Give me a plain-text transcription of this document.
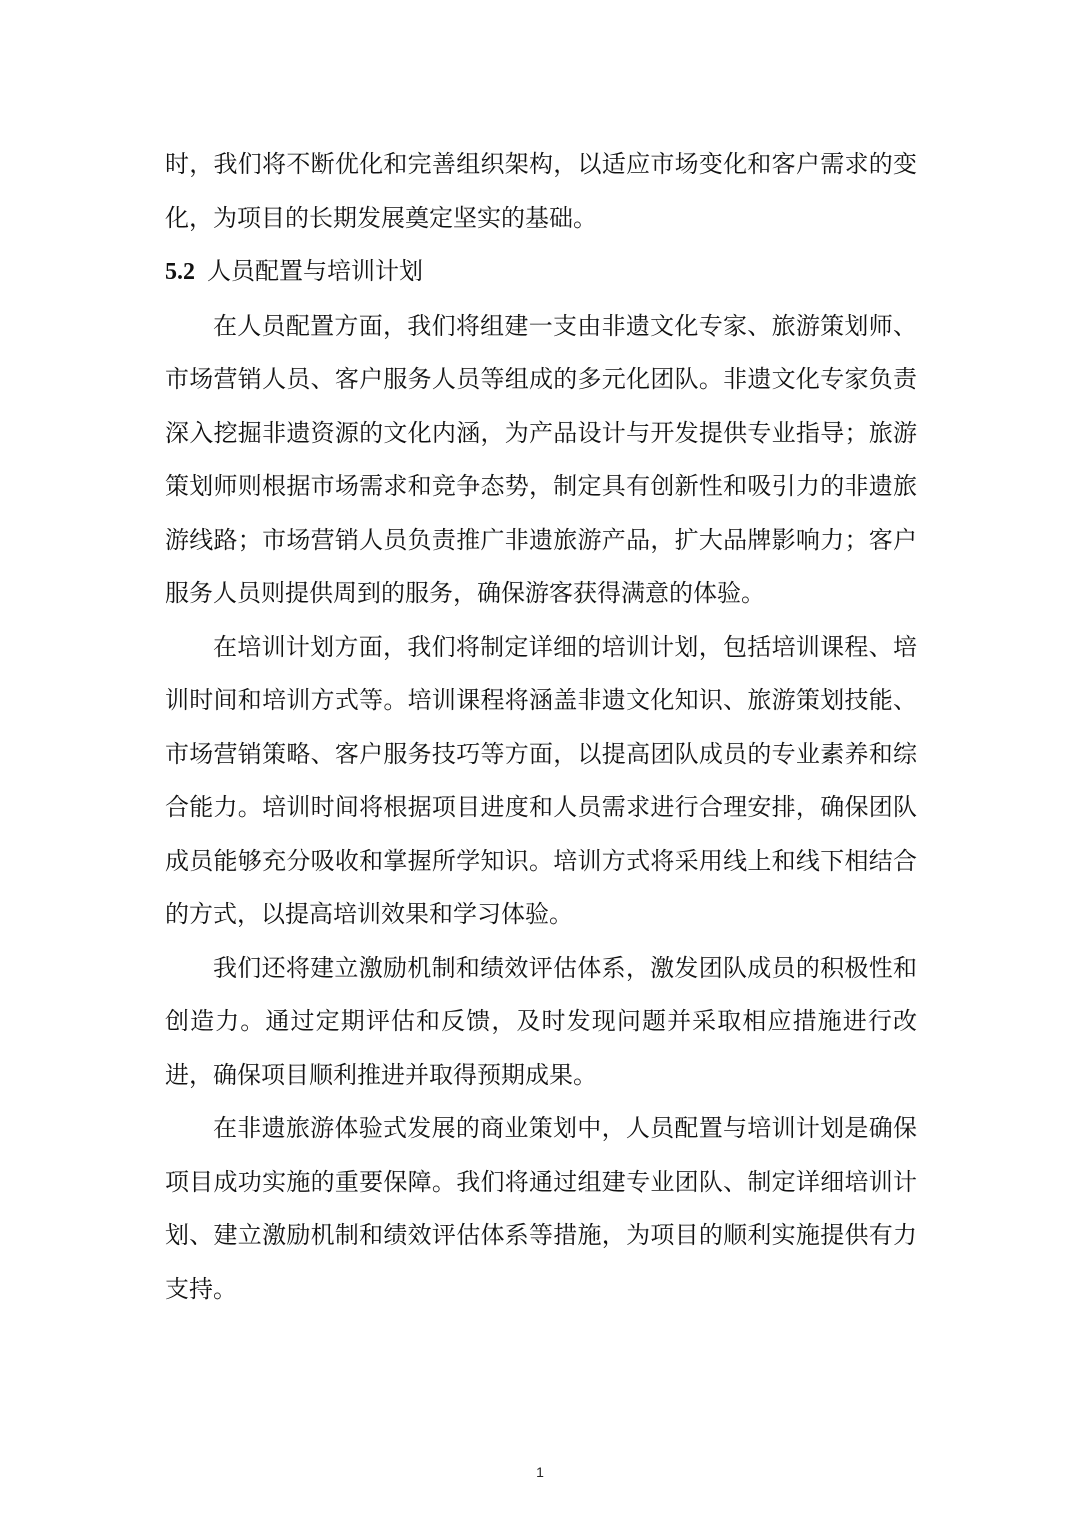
时，我们将不断优化和完善组织架构，以适应市场变化和客户需求的变化，为项目的长期发展奠定坚实的基础。

5.2 人员配置与培训计划

在人员配置方面，我们将组建一支由非遗文化专家、旅游策划师、市场营销人员、客户服务人员等组成的多元化团队。非遗文化专家负责深入挖掘非遗资源的文化内涵，为产品设计与开发提供专业指导；旅游策划师则根据市场需求和竞争态势，制定具有创新性和吸引力的非遗旅游线路；市场营销人员负责推广非遗旅游产品，扩大品牌影响力；客户服务人员则提供周到的服务，确保游客获得满意的体验。

在培训计划方面，我们将制定详细的培训计划，包括培训课程、培训时间和培训方式等。培训课程将涵盖非遗文化知识、旅游策划技能、市场营销策略、客户服务技巧等方面，以提高团队成员的专业素养和综合能力。培训时间将根据项目进度和人员需求进行合理安排，确保团队成员能够充分吸收和掌握所学知识。培训方式将采用线上和线下相结合的方式，以提高培训效果和学习体验。

我们还将建立激励机制和绩效评估体系，激发团队成员的积极性和创造力。通过定期评估和反馈，及时发现问题并采取相应措施进行改进，确保项目顺利推进并取得预期成果。

在非遗旅游体验式发展的商业策划中，人员配置与培训计划是确保项目成功实施的重要保障。我们将通过组建专业团队、制定详细培训计划、建立激励机制和绩效评估体系等措施，为项目的顺利实施提供有力支持。

1
